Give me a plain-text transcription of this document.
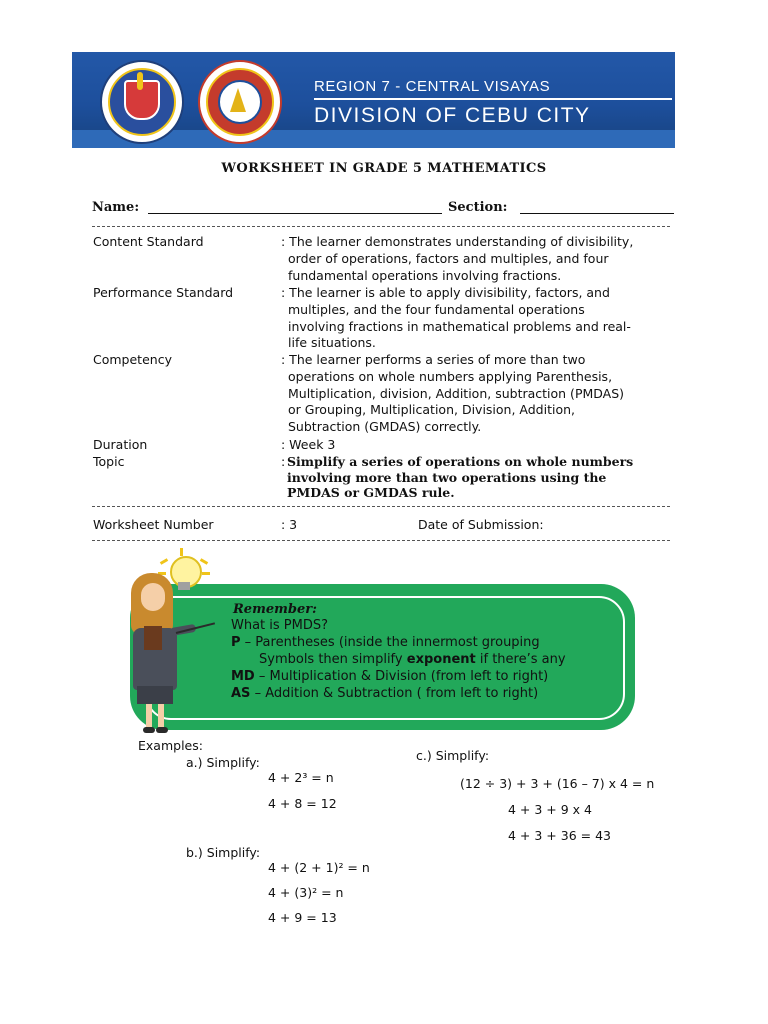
REGION 7 - CENTRAL VISAYAS
DIVISION OF CEBU CITY
WORKSHEET IN GRADE 5 MATHEMATICS
Name:	Section:
Content Standard	: The learner demonstrates understanding of divisibility,
order of operations, factors and multiples, and four
fundamental operations involving fractions.
Performance Standard	: The learner is able to apply divisibility, factors, and
multiples, and the four fundamental operations
involving fractions in mathematical problems and real-
life situations.
Competency	: The learner performs a series of more than two
operations on whole numbers applying Parenthesis,
Multiplication, division, Addition, subtraction (PMDAS)
or Grouping, Multiplication, Division, Addition,
Subtraction (GMDAS) correctly.
Duration	: Week 3
Topic	: Simplify a series of operations on whole numbers
involving more than two operations using the
PMDAS or GMDAS rule.
Worksheet Number	: 3	Date of Submission:
Remember:
What is PMDS?
P – Parentheses (inside the innermost grouping
Symbols then simplify exponent if there’s any
MD – Multiplication & Division (from left to right)
AS – Addition & Subtraction ( from left to right)
Examples:
a.) Simplify:
4 + 2³ = n
4 + 8 = 12
b.) Simplify:
4 + (2 + 1)² = n
4 + (3)² = n
4 + 9 = 13
c.) Simplify:
(12 ÷ 3) + 3 + (16 – 7) x 4 = n
4 + 3 + 9 x 4
4 + 3 + 36 = 43
